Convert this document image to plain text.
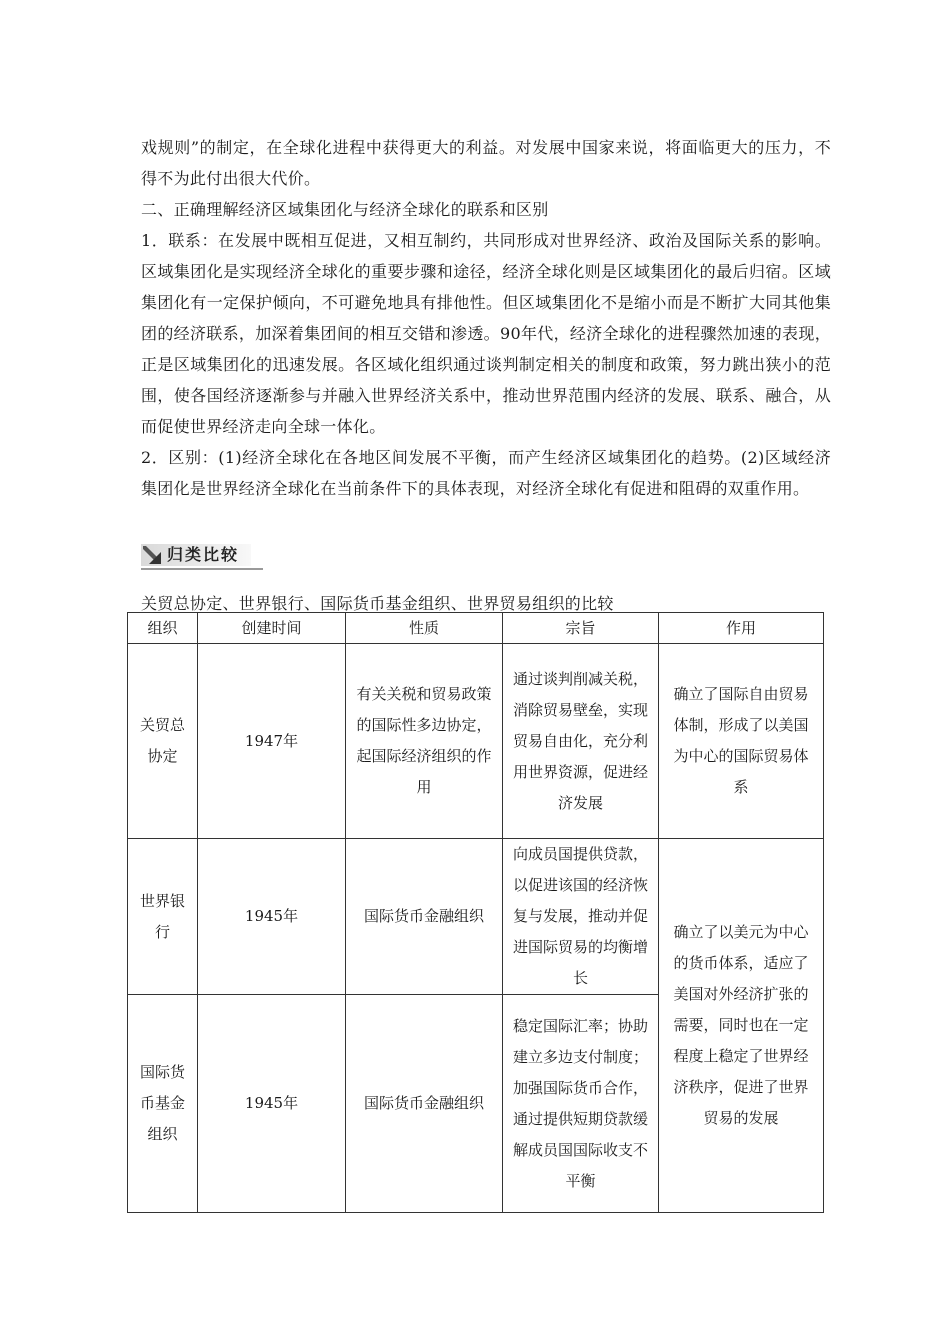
戏规则”的制定，在全球化进程中获得更大的利益。对发展中国家来说，将面临更大的压力，不得不为此付出很大代价。

二、正确理解经济区域集团化与经济全球化的联系和区别

1．联系：在发展中既相互促进，又相互制约，共同形成对世界经济、政治及国际关系的影响。区域集团化是实现经济全球化的重要步骤和途径，经济全球化则是区域集团化的最后归宿。区域集团化有一定保护倾向，不可避免地具有排他性。但区域集团化不是缩小而是不断扩大同其他集团的经济联系，加深着集团间的相互交错和渗透。90年代，经济全球化的进程骤然加速的表现，正是区域集团化的迅速发展。各区域化组织通过谈判制定相关的制度和政策，努力跳出狭小的范围，使各国经济逐渐参与并融入世界经济关系中，推动世界范围内经济的发展、联系、融合，从而促使世界经济走向全球一体化。

2．区别：(1)经济全球化在各地区间发展不平衡，而产生经济区域集团化的趋势。(2)区域经济集团化是世界经济全球化在当前条件下的具体表现，对经济全球化有促进和阻碍的双重作用。

归类比较
关贸总协定、世界银行、国际货币基金组织、世界贸易组织的比较
组织	创建时间	性质	宗旨	作用
关贸总协定	1947年	有关关税和贸易政策的国际性多边协定，起国际经济组织的作用	通过谈判削减关税，消除贸易壁垒，实现贸易自由化，充分利用世界资源，促进经济发展	确立了国际自由贸易体制，形成了以美国为中心的国际贸易体系
世界银行	1945年	国际货币金融组织	向成员国提供贷款，以促进该国的经济恢复与发展，推动并促进国际贸易的均衡增长	确立了以美元为中心的货币体系，适应了美国对外经济扩张的需要，同时也在一定程度上稳定了世界经济秩序，促进了世界贸易的发展
国际货币基金组织	1945年	国际货币金融组织	稳定国际汇率；协助建立多边支付制度；加强国际货币合作，通过提供短期贷款缓解成员国国际收支不平衡	
